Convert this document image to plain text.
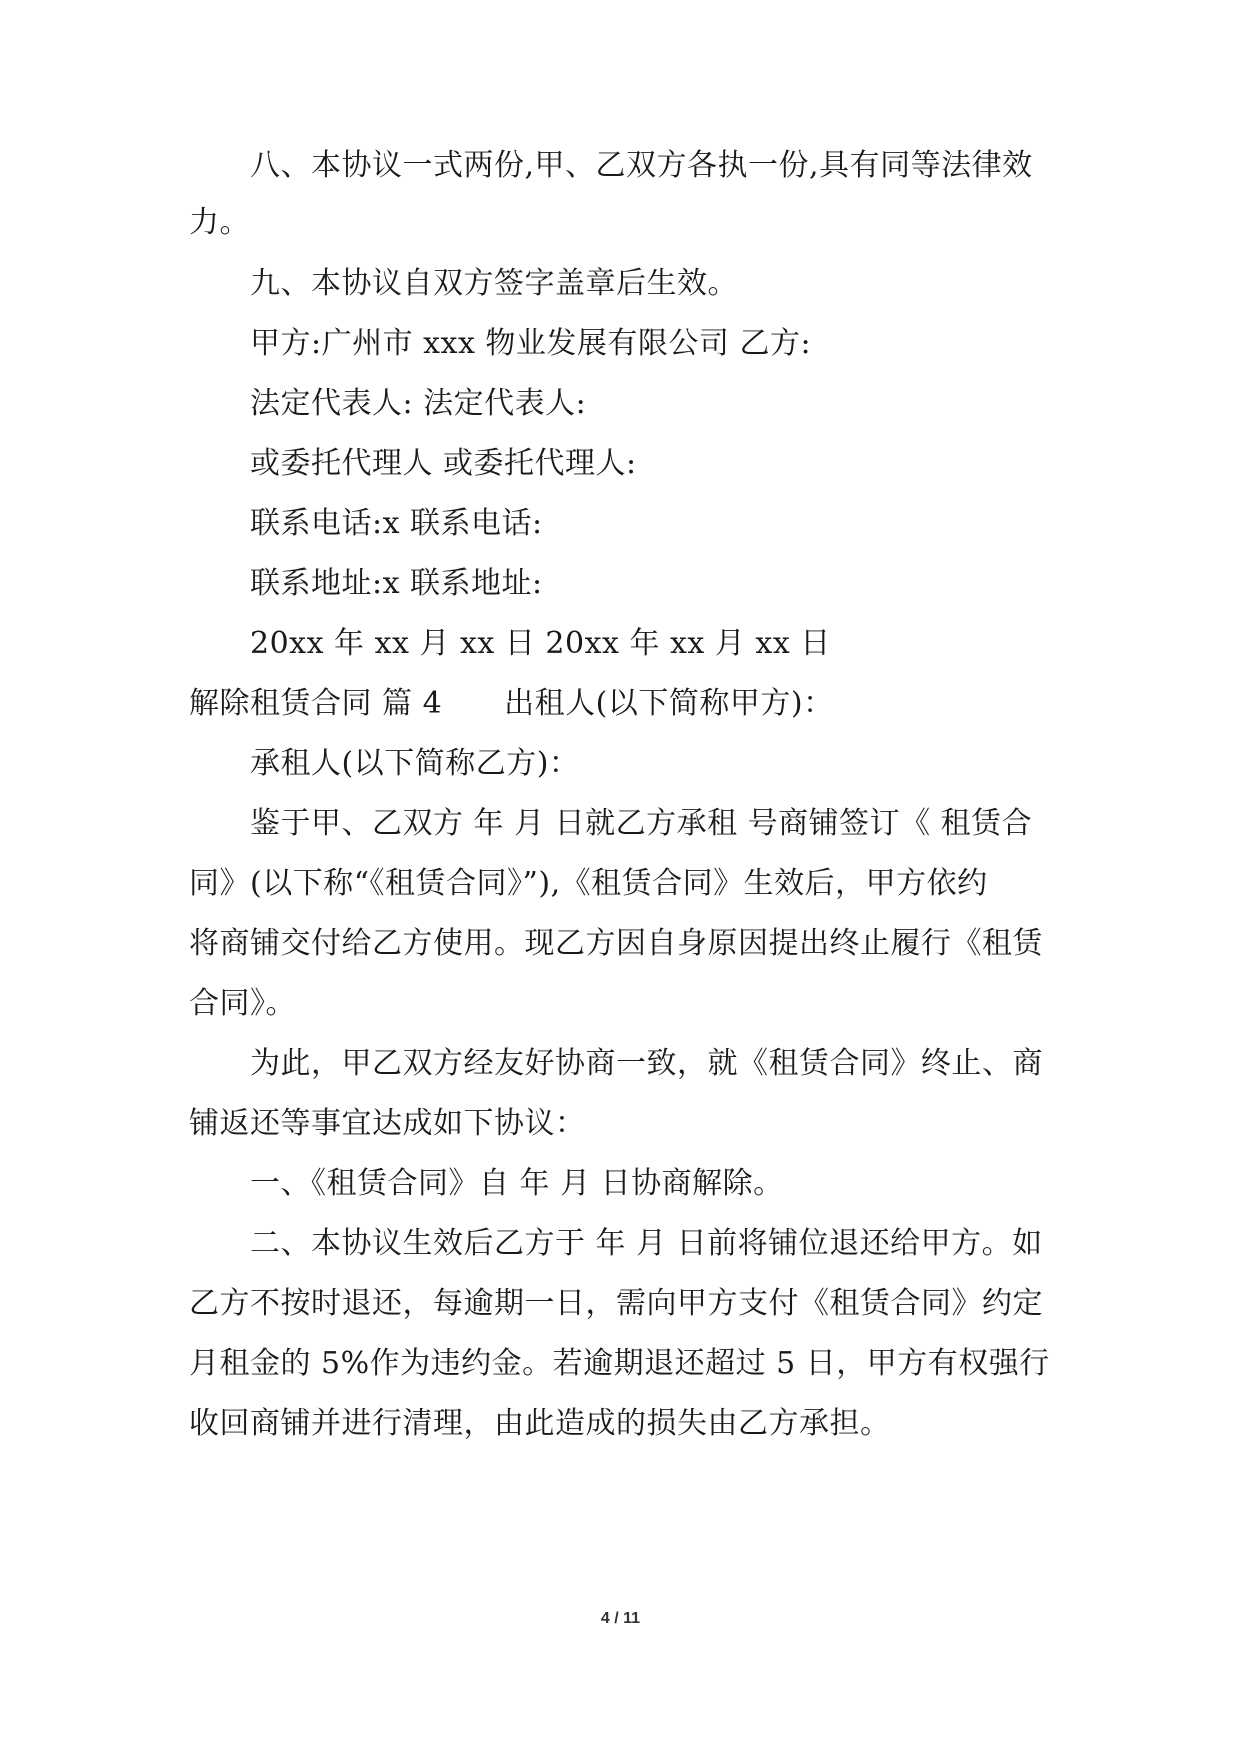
八、本协议一式两份,甲、乙双方各执一份,具有同等法律效
力。
九、本协议自双方签字盖章后生效。
甲方:广州市 xxx 物业发展有限公司 乙方:
法定代表人: 法定代表人:
或委托代理人 或委托代理人:
联系电话:x 联系电话:
联系地址:x 联系地址:
20xx 年 xx 月 xx 日 20xx 年 xx 月 xx 日
解除租赁合同 篇 4 出租人(以下简称甲方)：
承租人(以下简称乙方)：
鉴于甲、乙双方 年 月 日就乙方承租 号商铺签订《 租赁合
同》(以下称“《租赁合同》”),《租赁合同》生效后，甲方依约
将商铺交付给乙方使用。现乙方因自身原因提出终止履行《租赁
合同》。
为此，甲乙双方经友好协商一致，就《租赁合同》终止、商
铺返还等事宜达成如下协议：
一、《租赁合同》自 年 月 日协商解除。
二、本协议生效后乙方于 年 月 日前将铺位退还给甲方。如
乙方不按时退还，每逾期一日，需向甲方支付《租赁合同》约定
月租金的 5%作为违约金。若逾期退还超过 5 日，甲方有权强行
收回商铺并进行清理，由此造成的损失由乙方承担。
4 / 11
